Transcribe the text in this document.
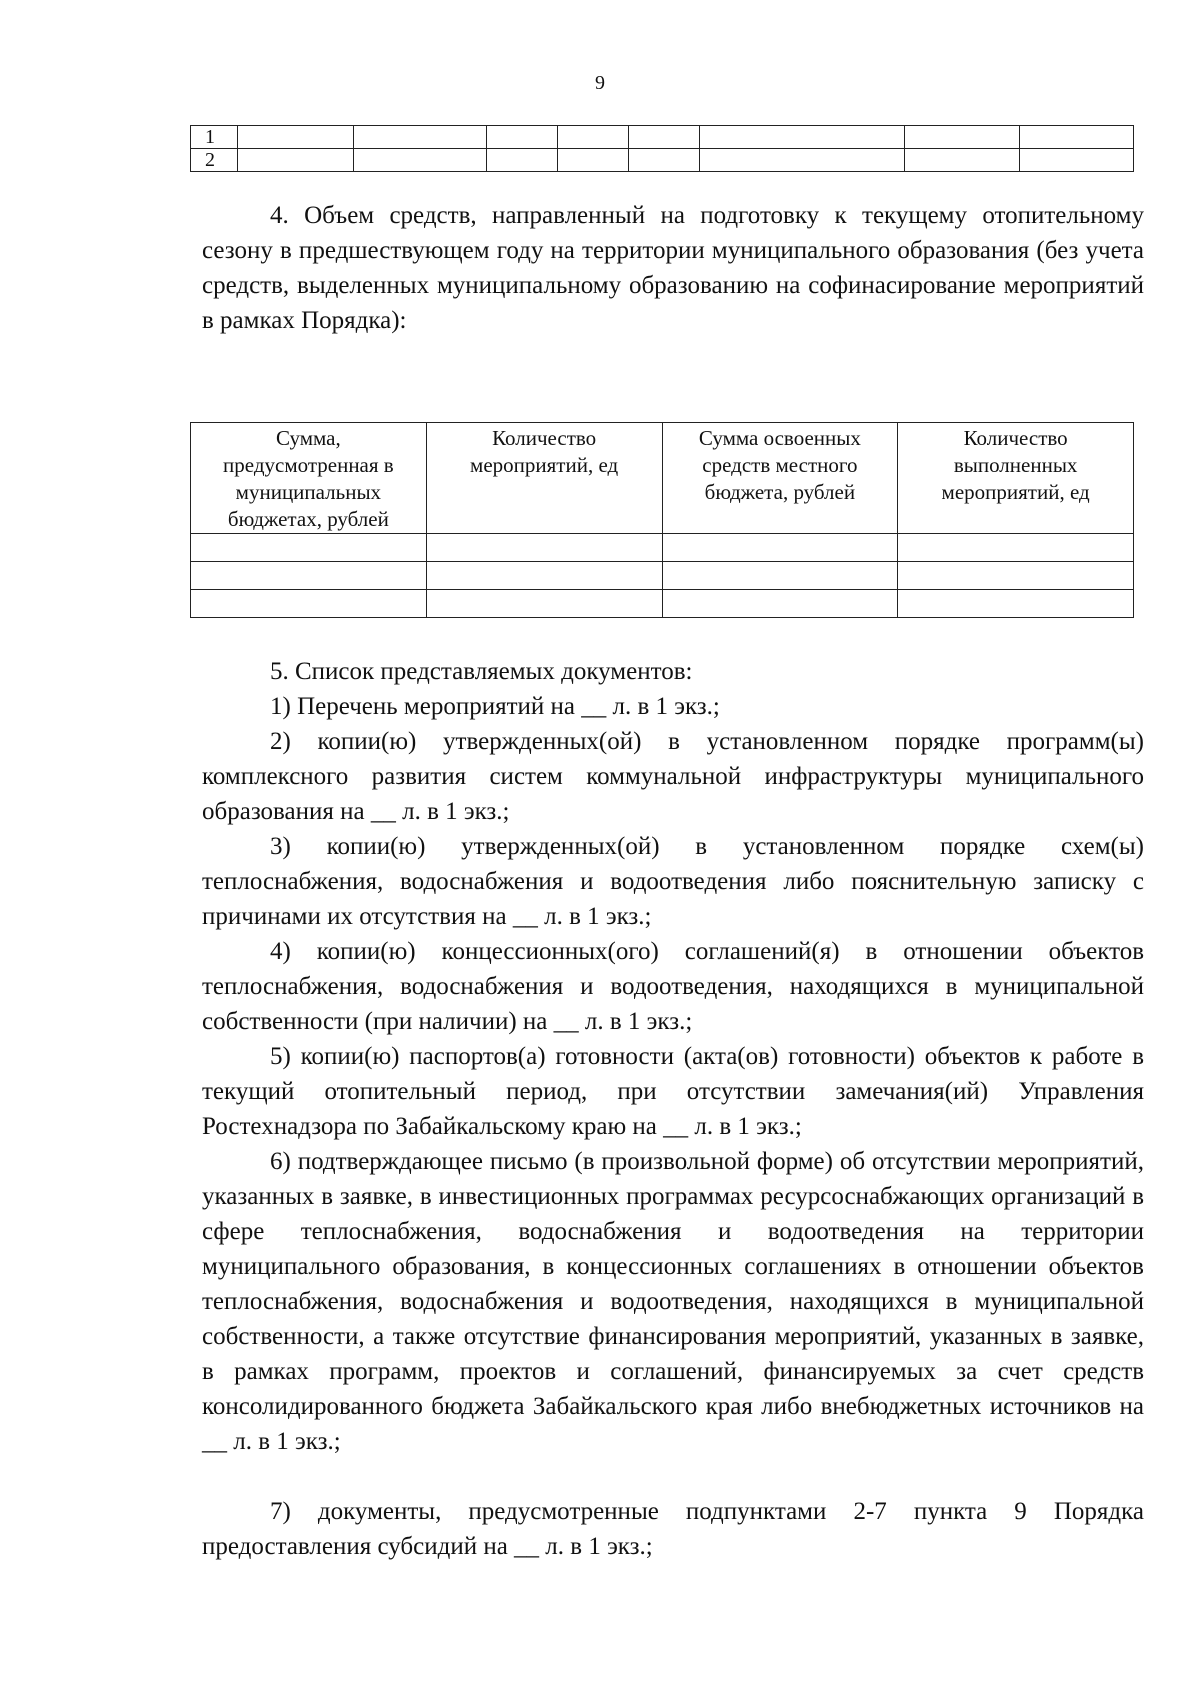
9
1								
2								

4. Объем средств, направленный на подготовку к текущему отопительному сезону в предшествующем году на территории муниципального образования (без учета средств, выделенных муниципальному образованию на софинасирование мероприятий в рамках Порядка):

Сумма, предусмотренная в муниципальных бюджетах, рублей	Количество мероприятий, ед	Сумма освоенных средств местного бюджета, рублей	Количество выполненных мероприятий, ед

5. Список представляемых документов:

1) Перечень мероприятий на __ л. в 1 экз.;

2) копии(ю) утвержденных(ой) в установленном порядке программ(ы) комплексного развития систем коммунальной инфраструктуры муниципального образования на __ л. в 1 экз.;

3) копии(ю) утвержденных(ой) в установленном порядке схем(ы) теплоснабжения, водоснабжения и водоотведения либо пояснительную записку с причинами их отсутствия на __ л. в 1 экз.;

4) копии(ю) концессионных(ого) соглашений(я) в отношении объектов теплоснабжения, водоснабжения и водоотведения, находящихся в муниципальной собственности (при наличии) на __ л. в 1 экз.;

5) копии(ю) паспортов(а) готовности (акта(ов) готовности) объектов к работе в текущий отопительный период, при отсутствии замечания(ий) Управления Ростехнадзора по Забайкальскому краю на __ л. в 1 экз.;

6) подтверждающее письмо (в произвольной форме) об отсутствии мероприятий, указанных в заявке, в инвестиционных программах ресурсоснабжающих организаций в сфере теплоснабжения, водоснабжения и водоотведения на территории муниципального образования, в концессионных соглашениях в отношении объектов теплоснабжения, водоснабжения и водоотведения, находящихся в муниципальной собственности, а также отсутствие финансирования мероприятий, указанных в заявке, в рамках программ, проектов и соглашений, финансируемых за счет средств консолидированного бюджета Забайкальского края либо внебюджетных источников на __ л. в 1 экз.;

7) документы, предусмотренные подпунктами 2-7 пункта 9 Порядка предоставления субсидий на __ л. в 1 экз.;
